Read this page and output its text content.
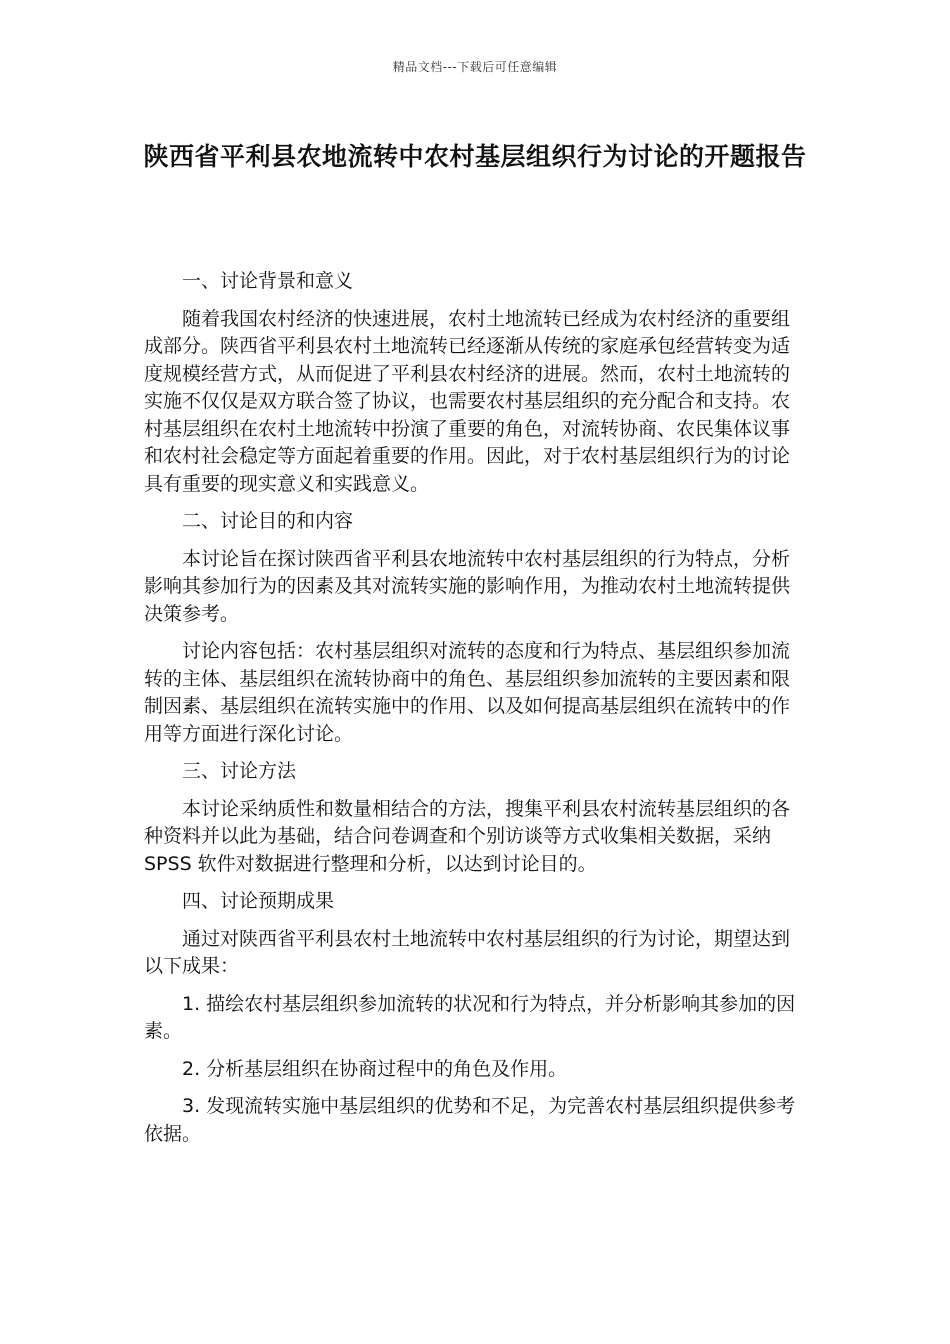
精品文档---下载后可任意编辑
陕西省平利县农地流转中农村基层组织行为讨论的开题报告

一、讨论背景和意义

随着我国农村经济的快速进展，农村土地流转已经成为农村经济的重要组成部分。陕西省平利县农村土地流转已经逐渐从传统的家庭承包经营转变为适度规模经营方式，从而促进了平利县农村经济的进展。然而，农村土地流转的实施不仅仅是双方联合签了协议，也需要农村基层组织的充分配合和支持。农村基层组织在农村土地流转中扮演了重要的角色，对流转协商、农民集体议事和农村社会稳定等方面起着重要的作用。因此，对于农村基层组织行为的讨论具有重要的现实意义和实践意义。

二、讨论目的和内容

本讨论旨在探讨陕西省平利县农地流转中农村基层组织的行为特点，分析影响其参加行为的因素及其对流转实施的影响作用，为推动农村土地流转提供决策参考。

讨论内容包括：农村基层组织对流转的态度和行为特点、基层组织参加流转的主体、基层组织在流转协商中的角色、基层组织参加流转的主要因素和限制因素、基层组织在流转实施中的作用、以及如何提高基层组织在流转中的作用等方面进行深化讨论。

三、讨论方法

本讨论采纳质性和数量相结合的方法，搜集平利县农村流转基层组织的各种资料并以此为基础，结合问卷调查和个别访谈等方式收集相关数据，采纳 SPSS 软件对数据进行整理和分析，以达到讨论目的。

四、讨论预期成果

通过对陕西省平利县农村土地流转中农村基层组织的行为讨论，期望达到以下成果：

1. 描绘农村基层组织参加流转的状况和行为特点，并分析影响其参加的因素。

2. 分析基层组织在协商过程中的角色及作用。

3. 发现流转实施中基层组织的优势和不足，为完善农村基层组织提供参考依据。
